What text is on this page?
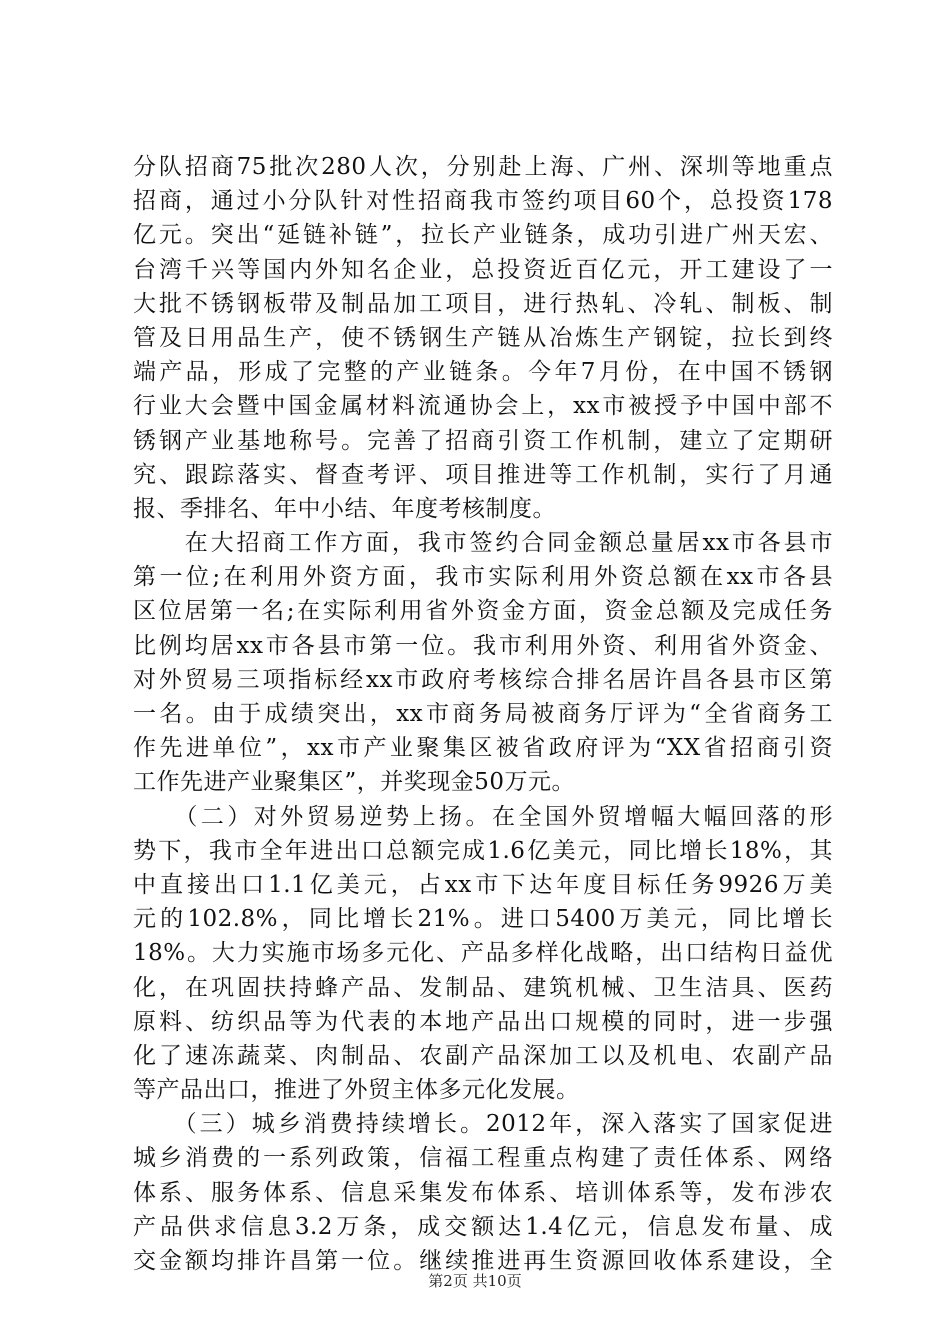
分队招商75批次280人次，分别赴上海、广州、深圳等地重点
招商，通过小分队针对性招商我市签约项目60个，总投资178
亿元。突出“延链补链”，拉长产业链条，成功引进广州天宏、
台湾千兴等国内外知名企业，总投资近百亿元，开工建设了一
大批不锈钢板带及制品加工项目，进行热轧、冷轧、制板、制
管及日用品生产，使不锈钢生产链从冶炼生产钢锭，拉长到终
端产品，形成了完整的产业链条。今年7月份，在中国不锈钢
行业大会暨中国金属材料流通协会上，xx市被授予中国中部不
锈钢产业基地称号。完善了招商引资工作机制，建立了定期研
究、跟踪落实、督查考评、项目推进等工作机制，实行了月通
报、季排名、年中小结、年度考核制度。
　　在大招商工作方面，我市签约合同金额总量居xx市各县市
第一位;在利用外资方面，我市实际利用外资总额在xx市各县
区位居第一名;在实际利用省外资金方面，资金总额及完成任务
比例均居xx市各县市第一位。我市利用外资、利用省外资金、
对外贸易三项指标经xx市政府考核综合排名居许昌各县市区第
一名。由于成绩突出，xx市商务局被商务厅评为“全省商务工
作先进单位”，xx市产业聚集区被省政府评为“XX省招商引资
工作先进产业聚集区”，并奖现金50万元。
　　（二）对外贸易逆势上扬。在全国外贸增幅大幅回落的形
势下，我市全年进出口总额完成1.6亿美元，同比增长18%，其
中直接出口1.1亿美元，占xx市下达年度目标任务9926万美
元的102.8%，同比增长21%。进口5400万美元，同比增长
18%。大力实施市场多元化、产品多样化战略，出口结构日益优
化，在巩固扶持蜂产品、发制品、建筑机械、卫生洁具、医药
原料、纺织品等为代表的本地产品出口规模的同时，进一步强
化了速冻蔬菜、肉制品、农副产品深加工以及机电、农副产品
等产品出口，推进了外贸主体多元化发展。
　　（三）城乡消费持续增长。2012年，深入落实了国家促进
城乡消费的一系列政策，信福工程重点构建了责任体系、网络
体系、服务体系、信息采集发布体系、培训体系等，发布涉农
产品供求信息3.2万条，成交额达1.4亿元，信息发布量、成
交金额均排许昌第一位。继续推进再生资源回收体系建设，全
第2页 共10页
